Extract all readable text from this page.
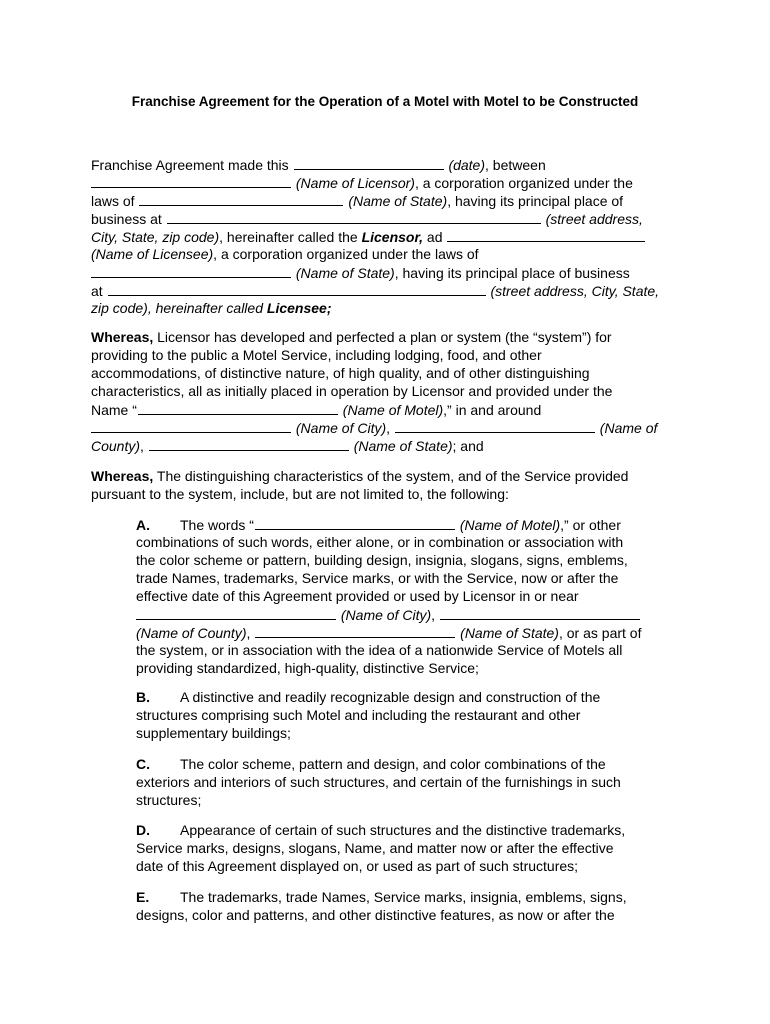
Franchise Agreement for the Operation of a Motel with Motel to be Constructed
Franchise Agreement made this	(date), between
(Name of Licensor), a corporation organized under the
laws of	(Name of State), having its principal place of
business at	(street address,
City, State, zip code), hereinafter called the Licensor, ad
(Name of Licensee), a corporation organized under the laws of
(Name of State), having its principal place of business
at	(street address, City, State,
zip code), hereinafter called Licensee;
Whereas, Licensor has developed and perfected a plan or system (the “system”) for
providing to the public a Motel Service, including lodging, food, and other
accommodations, of distinctive nature, of high quality, and of other distinguishing
characteristics, all as initially placed in operation by Licensor and provided under the
Name “	(Name of Motel),” in and around
(Name of City),	(Name of
County),	(Name of State); and
Whereas, The distinguishing characteristics of the system, and of the Service provided
pursuant to the system, include, but are not limited to, the following:
A. The words “	(Name of Motel),” or other
combinations of such words, either alone, or in combination or association with
the color scheme or pattern, building design, insignia, slogans, signs, emblems,
trade Names, trademarks, Service marks, or with the Service, now or after the
effective date of this Agreement provided or used by Licensor in or near
(Name of City),
(Name of County),	(Name of State), or as part of
the system, or in association with the idea of a nationwide Service of Motels all
providing standardized, high-quality, distinctive Service;
B. A distinctive and readily recognizable design and construction of the
structures comprising such Motel and including the restaurant and other
supplementary buildings;
C. The color scheme, pattern and design, and color combinations of the
exteriors and interiors of such structures, and certain of the furnishings in such
structures;
D. Appearance of certain of such structures and the distinctive trademarks,
Service marks, designs, slogans, Name, and matter now or after the effective
date of this Agreement displayed on, or used as part of such structures;
E. The trademarks, trade Names, Service marks, insignia, emblems, signs,
designs, color and patterns, and other distinctive features, as now or after the
